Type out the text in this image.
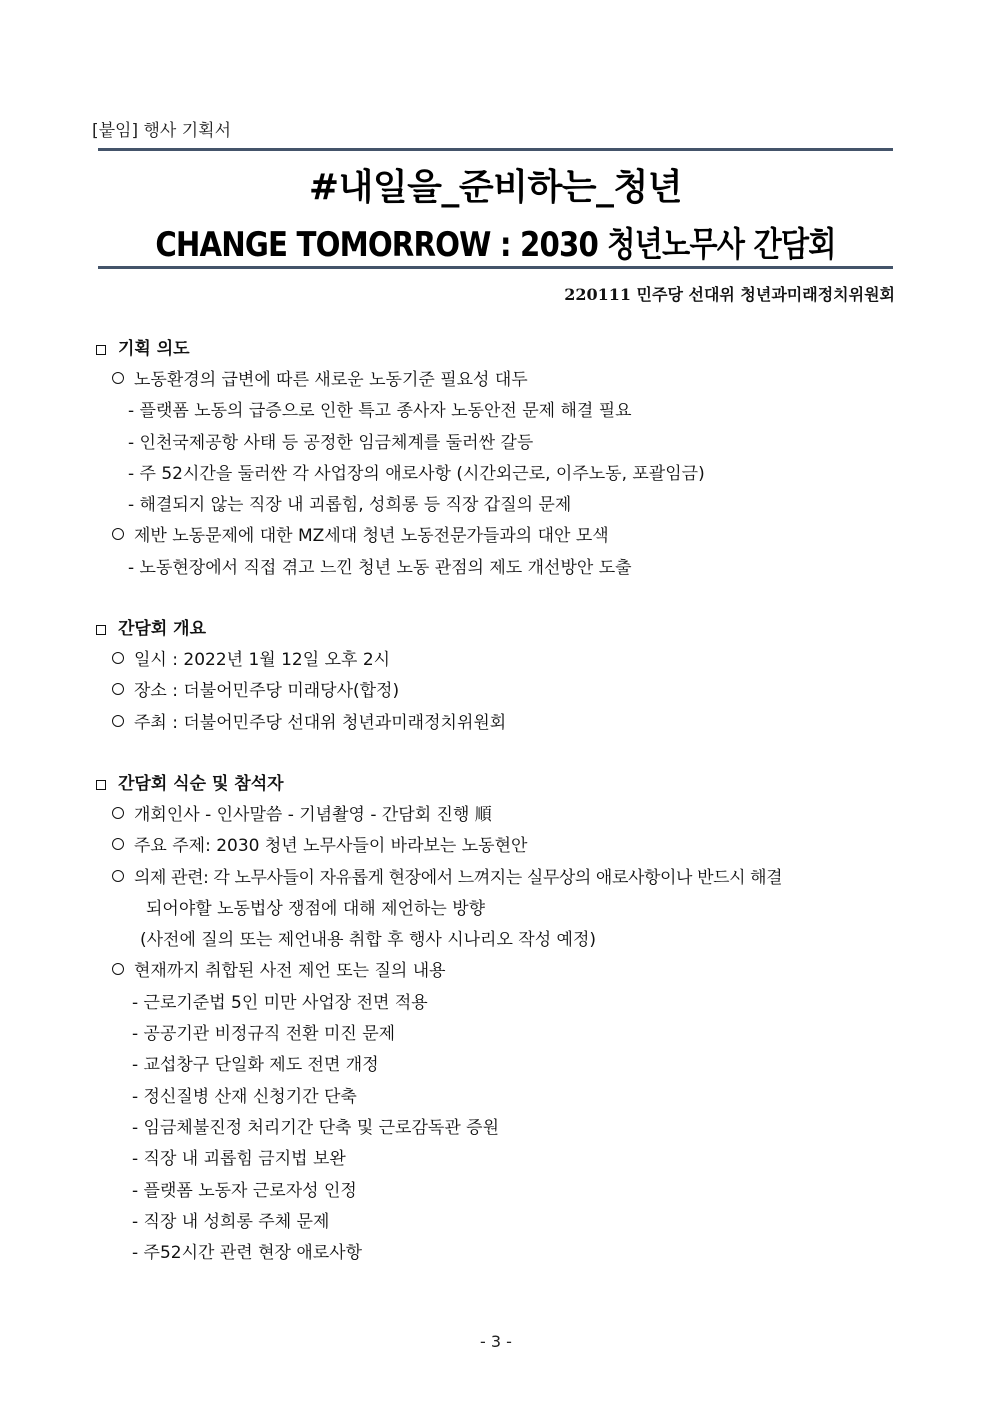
[붙임] 행사 기획서
#내일을_준비하는_청년
CHANGE TOMORROW : 2030 청년노무사 간담회
220111 민주당 선대위 청년과미래정치위원회
기획 의도
노동환경의 급변에 따른 새로운 노동기준 필요성 대두
- 플랫폼 노동의 급증으로 인한 특고 종사자 노동안전 문제 해결 필요
- 인천국제공항 사태 등 공정한 임금체계를 둘러싼 갈등
- 주 52시간을 둘러싼 각 사업장의 애로사항 (시간외근로, 이주노동, 포괄임금)
- 해결되지 않는 직장 내 괴롭힘, 성희롱 등 직장 갑질의 문제
제반 노동문제에 대한 MZ세대 청년 노동전문가들과의 대안 모색
- 노동현장에서 직접 겪고 느낀 청년 노동 관점의 제도 개선방안 도출
간담회 개요
일시 : 2022년 1월 12일 오후 2시
장소 : 더불어민주당 미래당사(합정)
주최 : 더불어민주당 선대위 청년과미래정치위원회
간담회 식순 및 참석자
개회인사 - 인사말씀 - 기념촬영 - 간담회 진행 順
주요 주제: 2030 청년 노무사들이 바라보는 노동현안
의제 관련: 각 노무사들이 자유롭게 현장에서 느껴지는 실무상의 애로사항이나 반드시 해결
되어야할 노동법상 쟁점에 대해 제언하는 방향
(사전에 질의 또는 제언내용 취합 후 행사 시나리오 작성 예정)
현재까지 취합된 사전 제언 또는 질의 내용
- 근로기준법 5인 미만 사업장 전면 적용
- 공공기관 비정규직 전환 미진 문제
- 교섭창구 단일화 제도 전면 개정
- 정신질병 산재 신청기간 단축
- 임금체불진정 처리기간 단축 및 근로감독관 증원
- 직장 내 괴롭힘 금지법 보완
- 플랫폼 노동자 근로자성 인정
- 직장 내 성희롱 주체 문제
- 주52시간 관련 현장 애로사항
- 3 -
